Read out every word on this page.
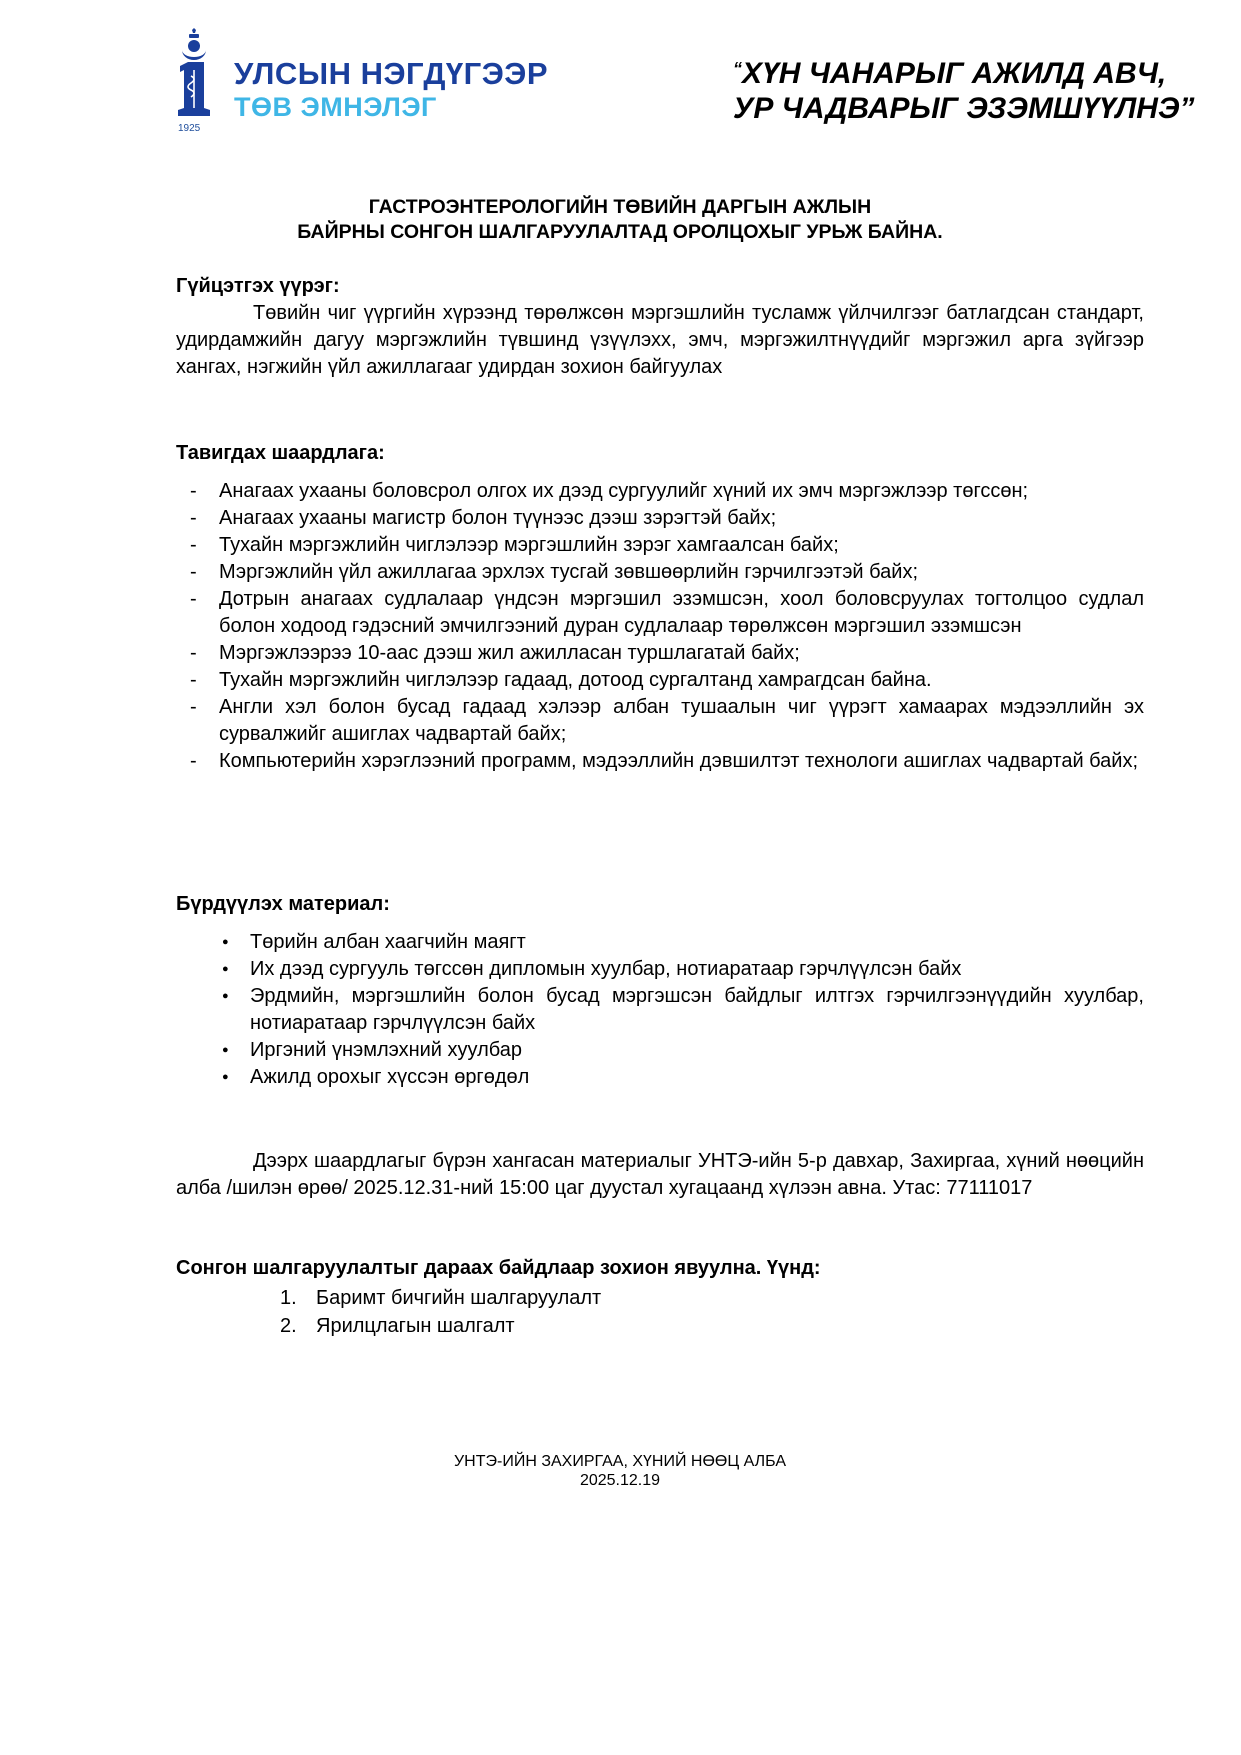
1925
УЛСЫН НЭГДҮГЭЭР
ТӨВ ЭМНЭЛЭГ
“ХҮН ЧАНАРЫГ АЖИЛД АВЧ,
УР ЧАДВАРЫГ ЭЗЭМШҮҮЛНЭ”
ГАСТРОЭНТЕРОЛОГИЙН ТӨВИЙН ДАРГЫН АЖЛЫН
БАЙРНЫ СОНГОН ШАЛГАРУУЛАЛТАД ОРОЛЦОХЫГ УРЬЖ БАЙНА.
Гүйцэтгэх үүрэг:
Төвийн чиг үүргийн хүрээнд төрөлжсөн мэргэшлийн тусламж үйлчилгээг батлагдсан стандарт, удирдамжийн дагуу мэргэжлийн түвшинд үзүүлэхх, эмч, мэргэжилтнүүдийг мэргэжил арга зүйгээр хангах, нэгжийн үйл ажиллагааг удирдан зохион байгуулах
Тавигдах шаардлага:
- Анагаах ухааны боловсрол олгох их дээд сургуулийг хүний их эмч мэргэжлээр төгссөн;
- Анагаах ухааны магистр болон түүнээс дээш зэрэгтэй байх;
- Тухайн мэргэжлийн чиглэлээр мэргэшлийн зэрэг хамгаалсан байх;
- Мэргэжлийн үйл ажиллагаа эрхлэх тусгай зөвшөөрлийн гэрчилгээтэй байх;
- Дотрын анагаах судлалаар үндсэн мэргэшил эзэмшсэн, хоол боловсруулах тогтолцоо судлал болон ходоод гэдэсний эмчилгээний дуран судлалаар төрөлжсөн мэргэшил эзэмшсэн
- Мэргэжлээрээ 10-аас дээш жил ажилласан туршлагатай байх;
- Тухайн мэргэжлийн чиглэлээр гадаад, дотоод сургалтанд хамрагдсан байна.
- Англи хэл болон бусад гадаад хэлээр албан тушаалын чиг үүрэгт хамаарах мэдээллийн эх сурвалжийг ашиглах чадвартай байх;
- Компьютерийн хэрэглээний программ, мэдээллийн дэвшилтэт технологи ашиглах чадвартай байх;
Бүрдүүлэх материал:
● Төрийн албан хаагчийн маягт
● Их дээд сургууль төгссөн дипломын хуулбар, нотиаратаар гэрчлүүлсэн байх
● Эрдмийн, мэргэшлийн болон бусад мэргэшсэн байдлыг илтгэх гэрчилгээнүүдийн хуулбар, нотиаратаар гэрчлүүлсэн байх
● Иргэний үнэмлэхний хуулбар
● Ажилд орохыг хүссэн өргөдөл
Дээрх шаардлагыг бүрэн хангасан материалыг УНТЭ-ийн 5-р давхар, Захиргаа, хүний нөөцийн алба /шилэн өрөө/ 2025.12.31-ний 15:00 цаг дуустал хугацаанд хүлээн авна. Утас: 77111017
Сонгон шалгаруулалтыг дараах байдлаар зохион явуулна. Үүнд:
1. Баримт бичгийн шалгаруулалт
2. Ярилцлагын шалгалт
УНТЭ-ИЙН ЗАХИРГАА, ХҮНИЙ НӨӨЦ АЛБА
2025.12.19
